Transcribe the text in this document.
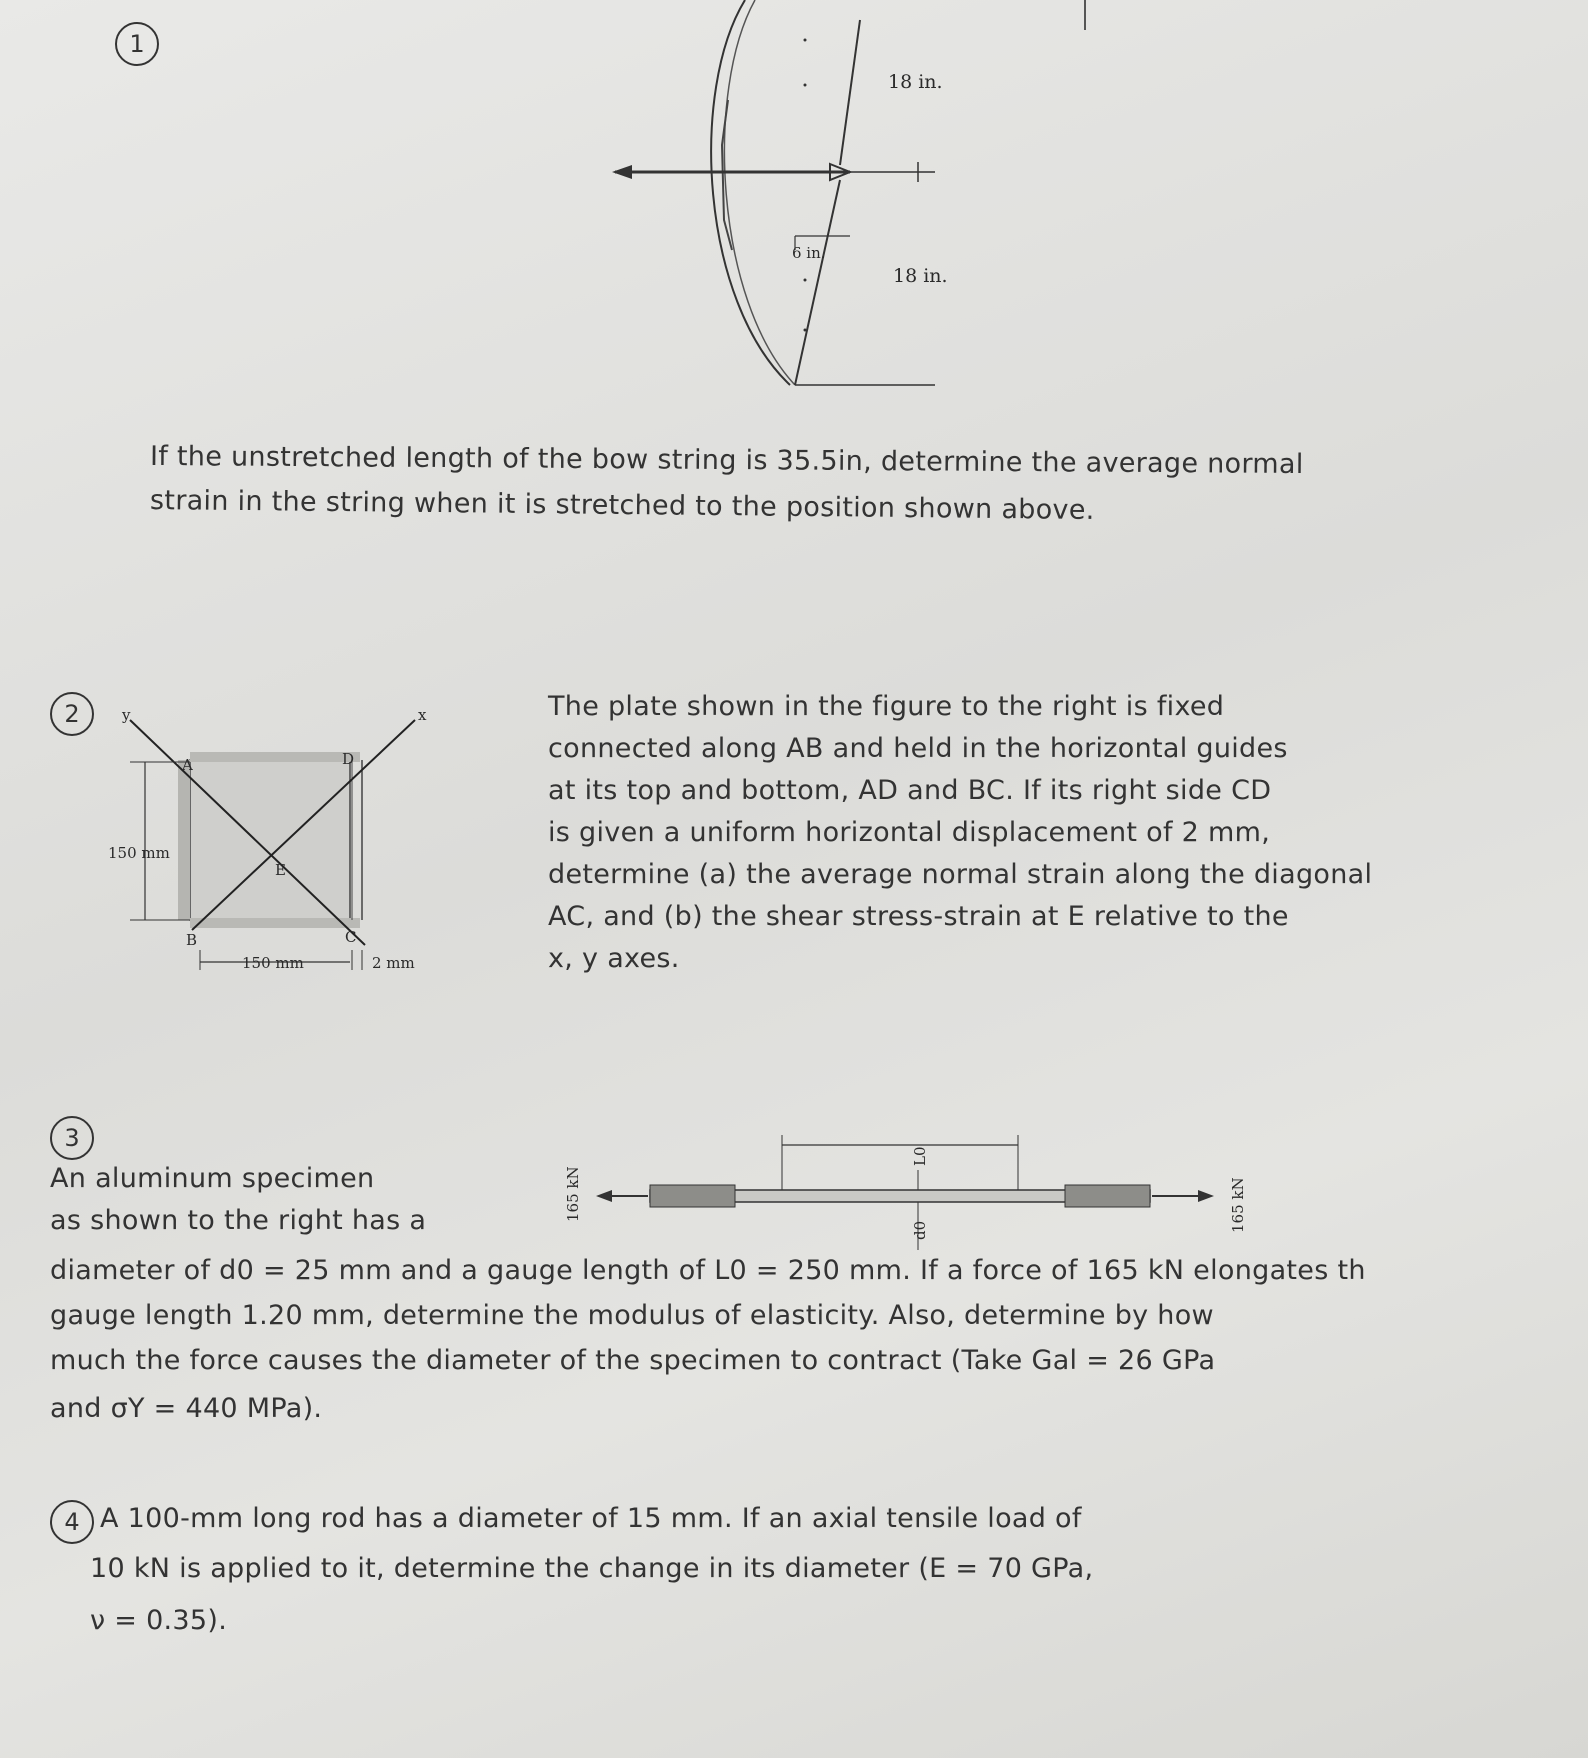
1
18 in.
18 in.
6 in.
If the unstretched length of the bow string is 35.5in, determine the average normal
strain in the string when it is stretched to the position shown above.
2	y	x
A
B	C
D
E
150 mm
150 mm	2 mm
The plate shown in the figure to the right is fixed
connected along AB and held in the horizontal guides
at its top and bottom, AD and BC. If its right side CD
is given a uniform horizontal displacement of 2 mm,
determine (a) the average normal strain along the diagonal
AC, and (b) the shear stress-strain at E relative to the
x, y axes.
3
An aluminum specimen
as shown to the right has a	165 kN	165 kN
L0
d0
diameter of d0 = 25 mm and a gauge length of L0 = 250 mm. If a force of 165 kN elongates th
gauge length 1.20 mm, determine the modulus of elasticity. Also, determine by how
much the force causes the diameter of the specimen to contract (Take Gal = 26 GPa
and σY = 440 MPa).
4 A 100-mm long rod has a diameter of 15 mm. If an axial tensile load of
10 kN is applied to it, determine the change in its diameter (E = 70 GPa,
ν = 0.35).
